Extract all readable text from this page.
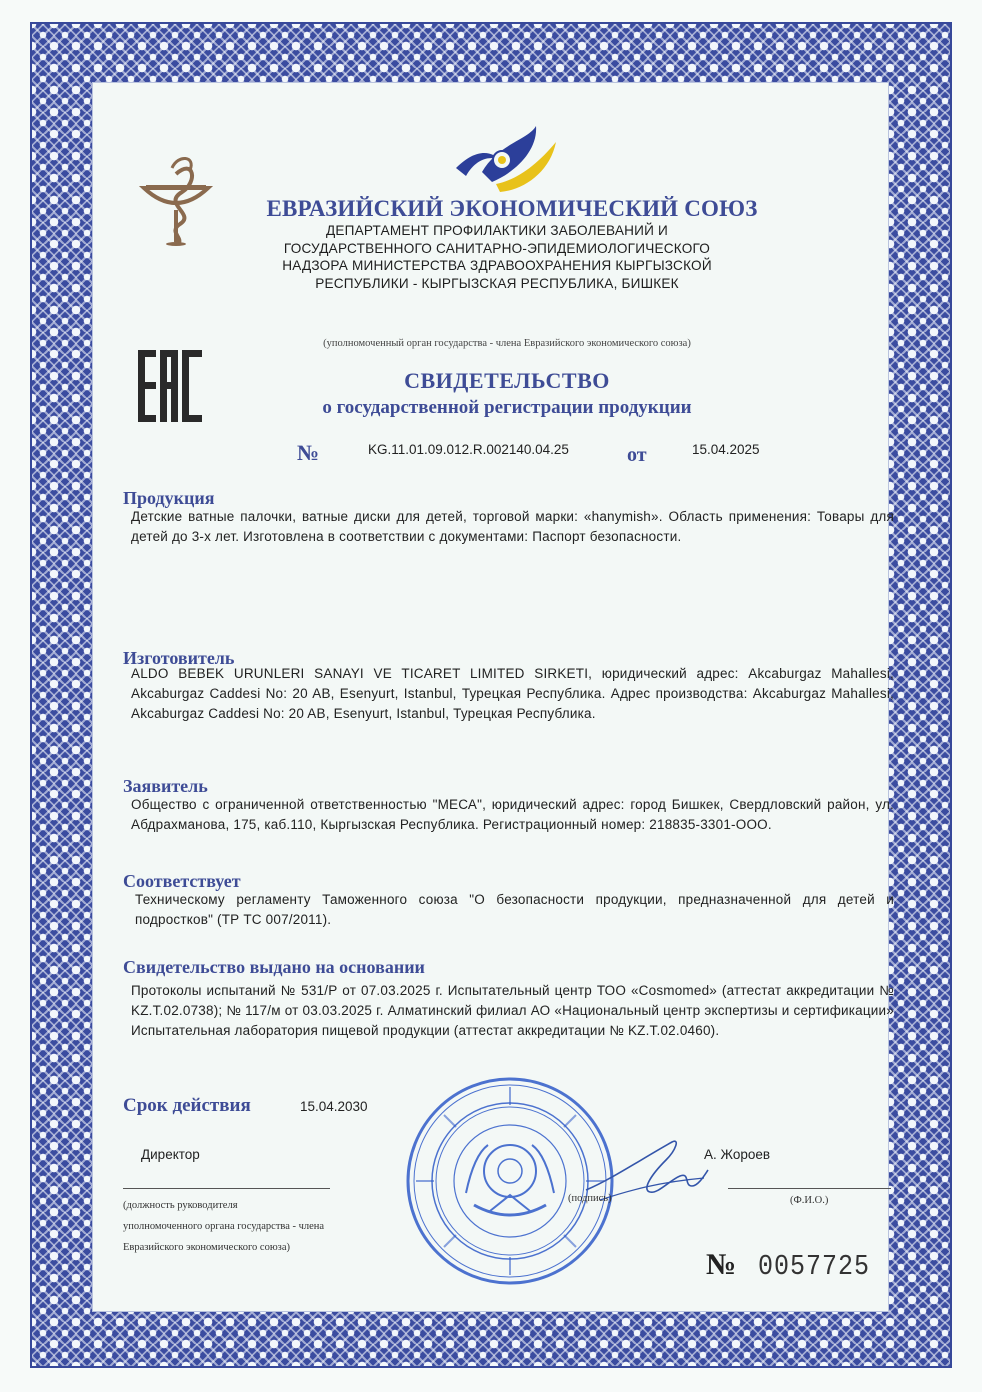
ЕВРАЗИЙСКИЙ ЭКОНОМИЧЕСКИЙ СОЮЗ
ДЕПАРТАМЕНТ ПРОФИЛАКТИКИ ЗАБОЛЕВАНИЙ И
ГОСУДАРСТВЕННОГО САНИТАРНО-ЭПИДЕМИОЛОГИЧЕСКОГО
НАДЗОРА МИНИСТЕРСТВА ЗДРАВООХРАНЕНИЯ КЫРГЫЗСКОЙ
РЕСПУБЛИКИ - КЫРГЫЗСКАЯ РЕСПУБЛИКА, БИШКЕК
(уполномоченный орган государства - члена Евразийского экономического союза)
СВИДЕТЕЛЬСТВО
о государственной регистрации продукции
№	KG.11.01.09.012.R.002140.04.25	от	15.04.2025
Продукция
Детские ватные палочки, ватные диски для детей, торговой марки: «hanymish». Область применения: Товары для детей до 3-х лет. Изготовлена в соответствии с документами: Паспорт безопасности.
Изготовитель
ALDO BEBEK URUNLERI SANAYI VE TICARET LIMITED SIRKETI, юридический адрес: Akcaburgaz Mahallesi, Akcaburgaz Caddesi No: 20 AB, Esenyurt, Istanbul, Турецкая Республика. Адрес производства: Akcaburgaz Mahallesi, Akcaburgaz Caddesi No: 20 AB, Esenyurt, Istanbul, Турецкая Республика.
Заявитель
Общество с ограниченной ответственностью "МЕСА", юридический адрес: город Бишкек, Свердловский район, ул. Абдрахманова, 175, каб.110, Кыргызская Республика. Регистрационный номер: 218835-3301-ООО.
Соответствует
Техническому регламенту Таможенного союза "О безопасности продукции, предназначенной для детей и подростков" (ТР ТС 007/2011).
Свидетельство выдано на основании
Протоколы испытаний № 531/Р от 07.03.2025 г. Испытательный центр ТОО «Cosmomed» (аттестат аккредитации № KZ.T.02.0738); № 117/м от 03.03.2025 г. Алматинский филиал АО «Национальный центр экспертизы и сертификации» Испытательная лаборатория пищевой продукции (аттестат аккредитации № KZ.T.02.0460).
Срок действия	15.04.2030
Директор
(должность руководителя
уполномоченного органа государства - члена
Евразийского экономического союза)
(подпись)
А. Жороев
(Ф.И.О.)
№ 0057725
